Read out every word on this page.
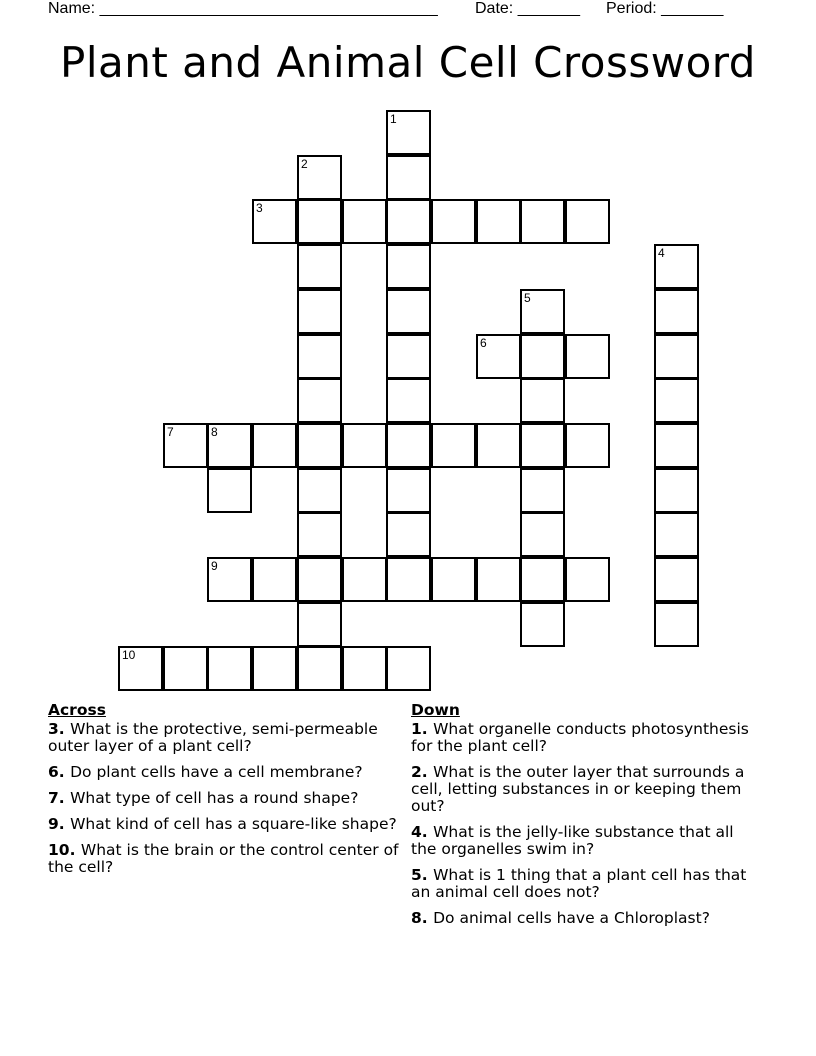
Name: ______________________________________ Date: _______ Period: _______
Plant and Animal Cell Crossword
1
2
3
4
5
6
7	8
9
10
Across
3. What is the protective, semi-permeable outer layer of a plant cell?
6. Do plant cells have a cell membrane?
7. What type of cell has a round shape?
9. What kind of cell has a square-like shape?
10. What is the brain or the control center of the cell?
Down
1. What organelle conducts photosynthesis for the plant cell?
2. What is the outer layer that surrounds a cell, letting substances in or keeping them out?
4. What is the jelly-like substance that all the organelles swim in?
5. What is 1 thing that a plant cell has that an animal cell does not?
8. Do animal cells have a Chloroplast?
